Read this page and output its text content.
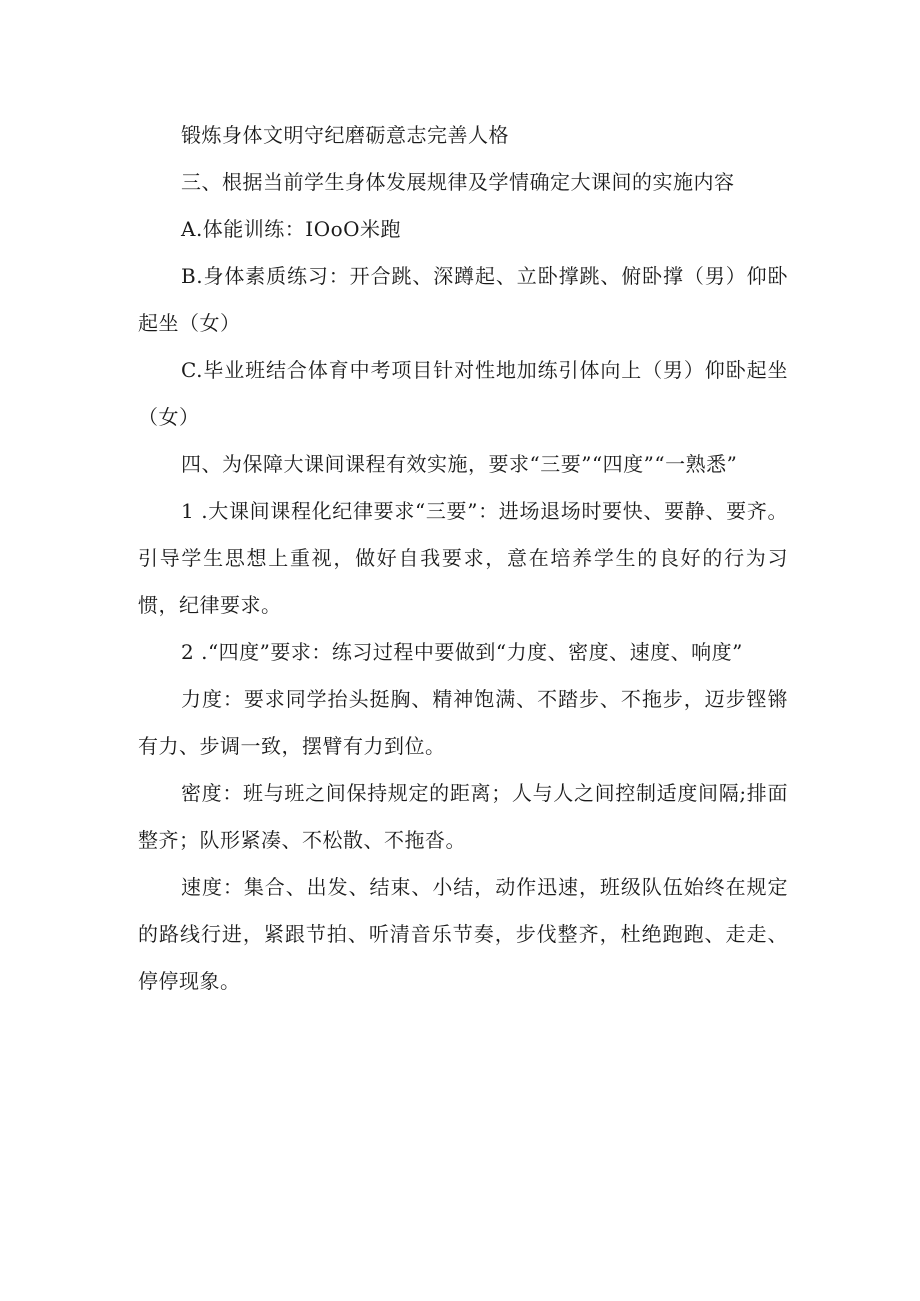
锻炼身体文明守纪磨砺意志完善人格

三、根据当前学生身体发展规律及学情确定大课间的实施内容

A.体能训练：IOoO米跑

B.身体素质练习：开合跳、深蹲起、立卧撑跳、俯卧撑（男）仰卧起坐（女）

C.毕业班结合体育中考项目针对性地加练引体向上（男）仰卧起坐（女）

四、为保障大课间课程有效实施，要求“三要”“四度”“一熟悉”

1 .大课间课程化纪律要求“三要”：进场退场时要快、要静、要齐。引导学生思想上重视，做好自我要求，意在培养学生的良好的行为习惯，纪律要求。

2 .“四度”要求：练习过程中要做到“力度、密度、速度、响度”

力度：要求同学抬头挺胸、精神饱满、不踏步、不拖步，迈步铿锵有力、步调一致，摆臂有力到位。

密度：班与班之间保持规定的距离；人与人之间控制适度间隔;排面整齐；队形紧凑、不松散、不拖沓。

速度：集合、出发、结束、小结，动作迅速，班级队伍始终在规定的路线行进，紧跟节拍、听清音乐节奏，步伐整齐，杜绝跑跑、走走、停停现象。
